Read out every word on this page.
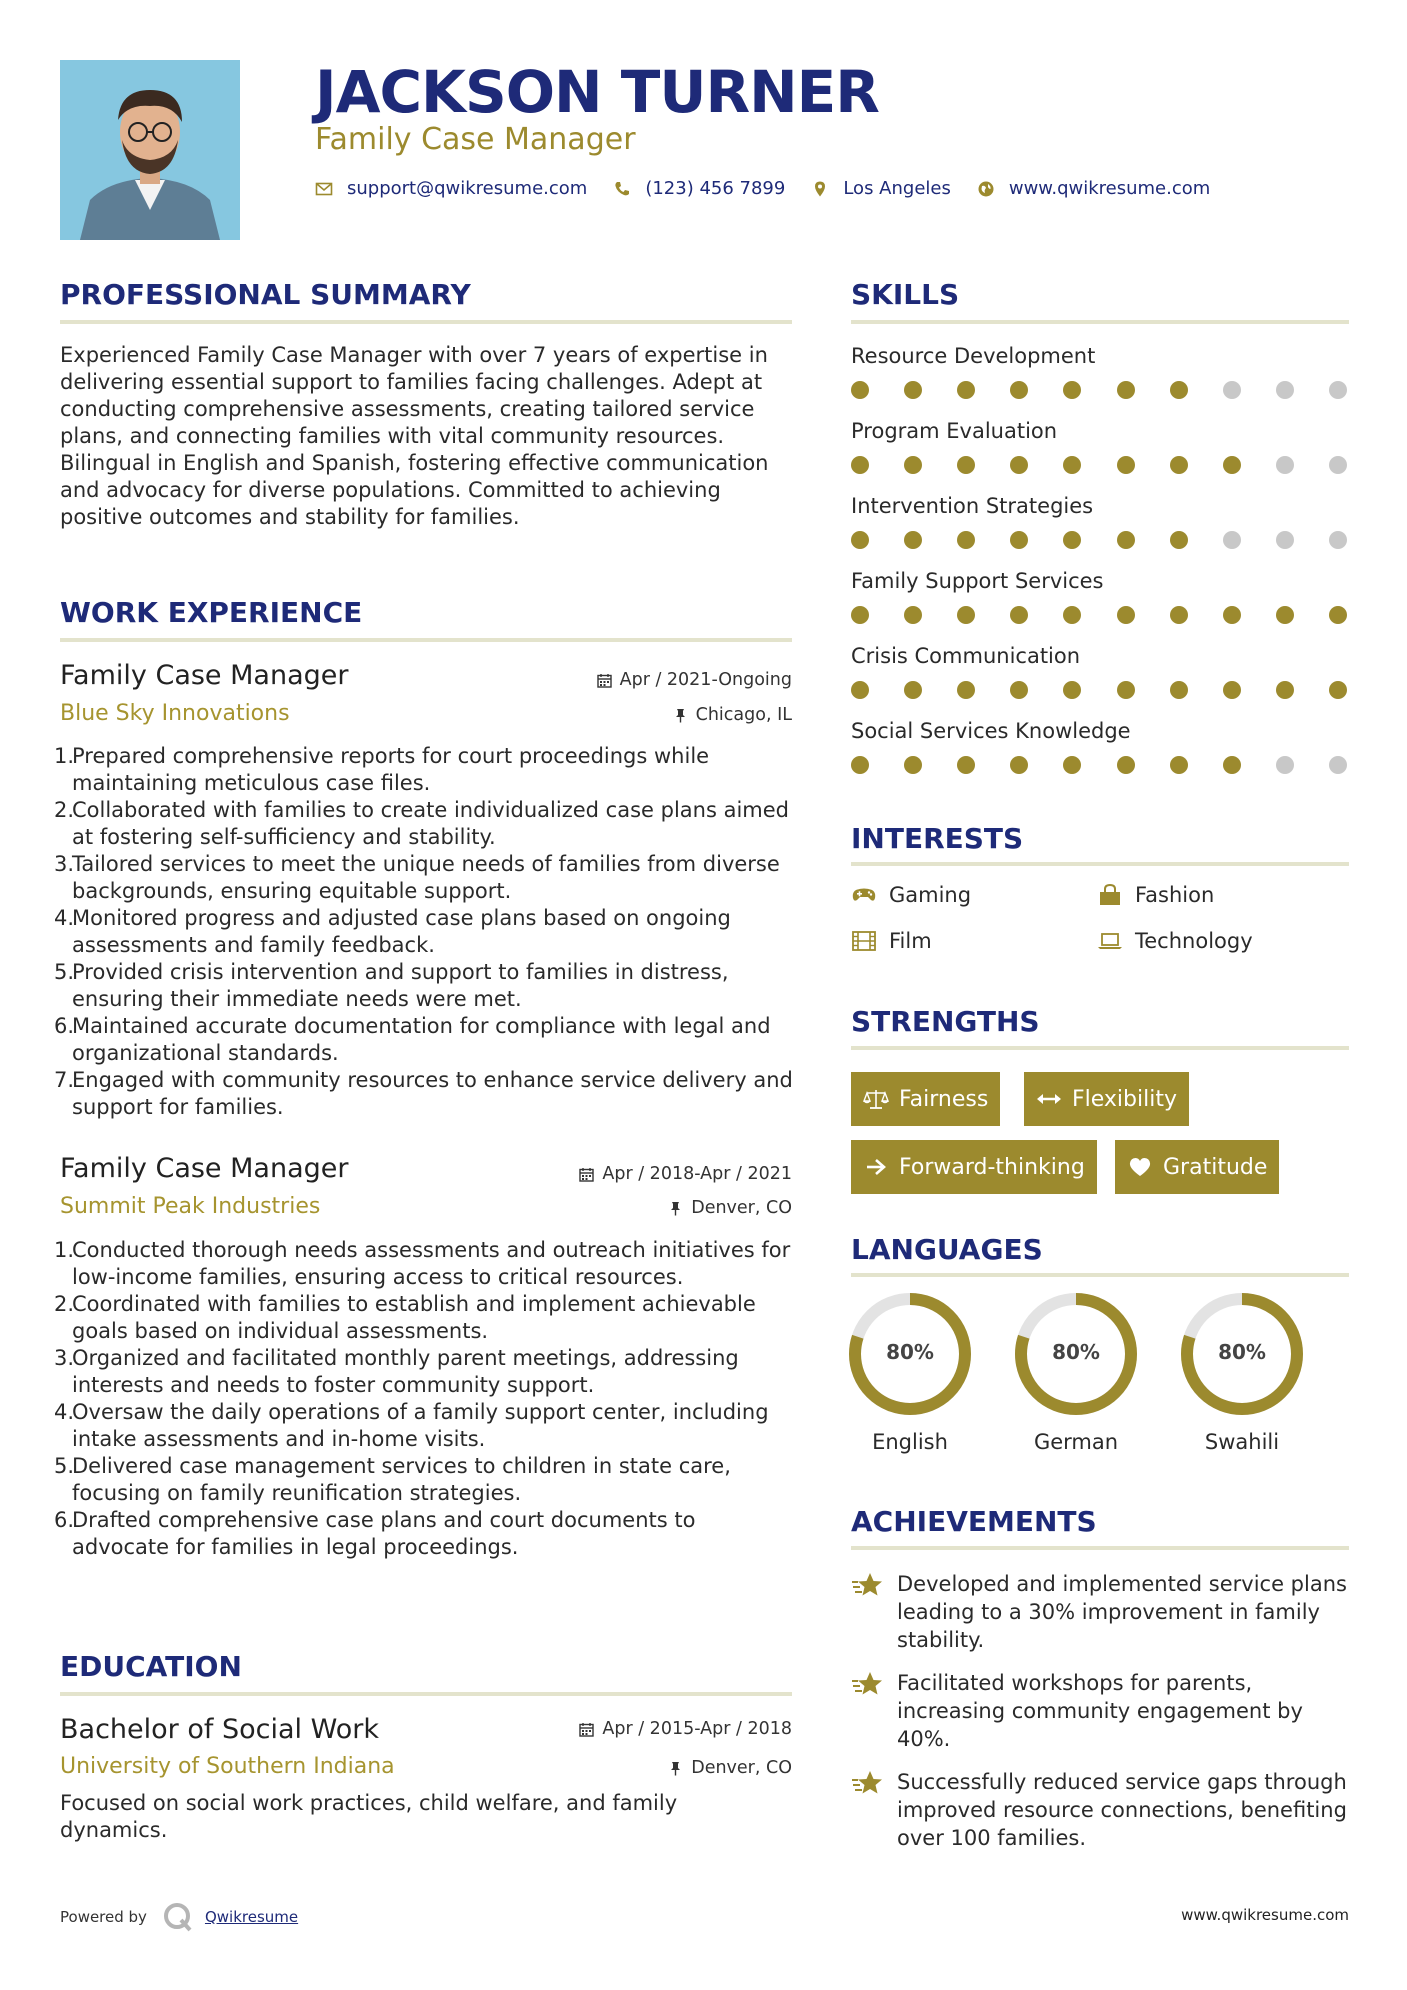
JACKSON TURNER
Family Case Manager
support@qwikresume.com	(123) 456 7899	Los Angeles	www.qwikresume.com
PROFESSIONAL SUMMARY
Experienced Family Case Manager with over 7 years of expertise in delivering essential support to families facing challenges. Adept at conducting comprehensive assessments, creating tailored service plans, and connecting families with vital community resources. Bilingual in English and Spanish, fostering effective communication and advocacy for diverse populations. Committed to achieving positive outcomes and stability for families.
WORK EXPERIENCE
Family Case Manager	Apr / 2021-Ongoing
Blue Sky Innovations	Chicago, IL
1.
Prepared comprehensive reports for court proceedings while maintaining meticulous case files.
2.
Collaborated with families to create individualized case plans aimed at fostering self-sufficiency and stability.
3.
Tailored services to meet the unique needs of families from diverse backgrounds, ensuring equitable support.
4.
Monitored progress and adjusted case plans based on ongoing assessments and family feedback.
5.
Provided crisis intervention and support to families in distress, ensuring their immediate needs were met.
6.
Maintained accurate documentation for compliance with legal and organizational standards.
7.
Engaged with community resources to enhance service delivery and support for families.
Family Case Manager	Apr / 2018-Apr / 2021
Summit Peak Industries	Denver, CO
1.
Conducted thorough needs assessments and outreach initiatives for low-income families, ensuring access to critical resources.
2.
Coordinated with families to establish and implement achievable goals based on individual assessments.
3.
Organized and facilitated monthly parent meetings, addressing interests and needs to foster community support.
4.
Oversaw the daily operations of a family support center, including intake assessments and in-home visits.
5.
Delivered case management services to children in state care, focusing on family reunification strategies.
6.
Drafted comprehensive case plans and court documents to advocate for families in legal proceedings.
EDUCATION
Bachelor of Social Work	Apr / 2015-Apr / 2018
University of Southern Indiana	Denver, CO
Focused on social work practices, child welfare, and family dynamics.
SKILLS
Resource Development
Program Evaluation
Intervention Strategies
Family Support Services
Crisis Communication
Social Services Knowledge
INTERESTS
Gaming	Fashion
Film	Technology
STRENGTHS
Fairness	Flexibility
Forward-thinking	Gratitude
LANGUAGES
80%
English
80%
German
80%
Swahili
ACHIEVEMENTS
Developed and implemented service plans leading to a 30% improvement in family stability.
Facilitated workshops for parents, increasing community engagement by 40%.
Successfully reduced service gaps through improved resource connections, benefiting over 100 families.
Powered by	Qwikresume	www.qwikresume.com
